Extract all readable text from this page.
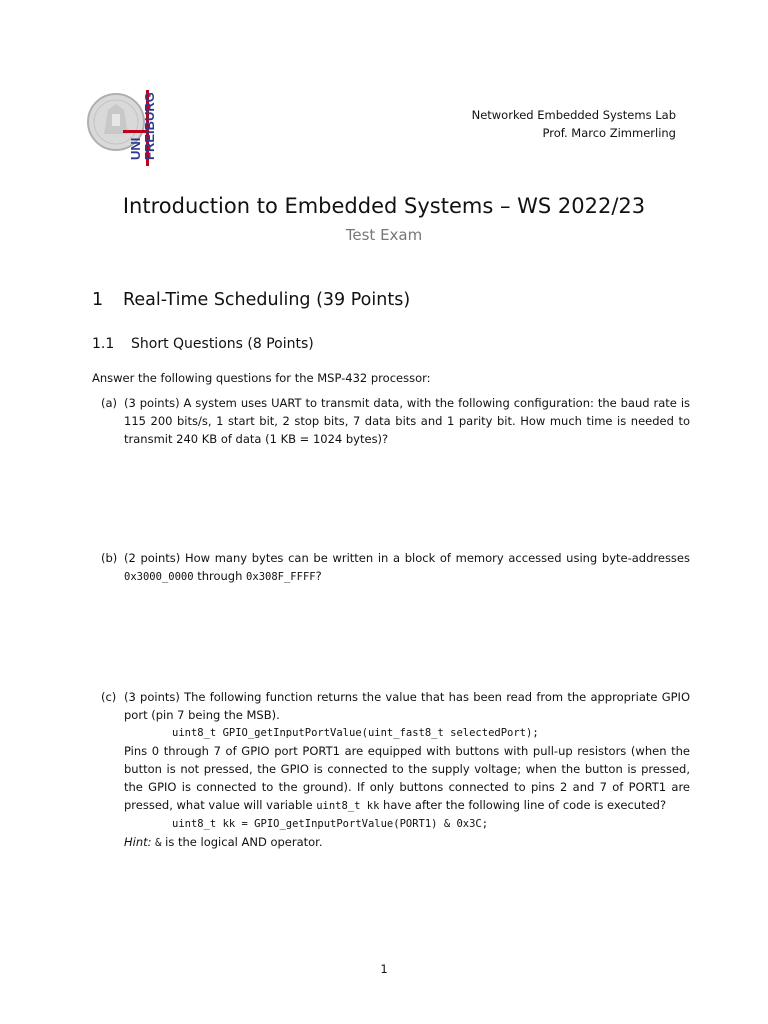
UNI FREIBURG	Networked Embedded Systems Lab
Prof. Marco Zimmerling
Introduction to Embedded Systems – WS 2022/23
Test Exam
1 Real-Time Scheduling (39 Points)
1.1 Short Questions (8 Points)
Answer the following questions for the MSP-432 processor:
(a) (3 points) A system uses UART to transmit data, with the following configuration: the baud rate is 115 200 bits/s, 1 start bit, 2 stop bits, 7 data bits and 1 parity bit. How much time is needed to transmit 240 KB of data (1 KB = 1024 bytes)?
(b) (2 points) How many bytes can be written in a block of memory accessed using byte-addresses 0x3000_0000 through 0x308F_FFFF?
(c) (3 points) The following function returns the value that has been read from the appropriate GPIO port (pin 7 being the MSB).
uint8_t GPIO_getInputPortValue(uint_fast8_t selectedPort);
Pins 0 through 7 of GPIO port PORT1 are equipped with buttons with pull-up resistors (when the button is not pressed, the GPIO is connected to the supply voltage; when the button is pressed, the GPIO is connected to the ground). If only buttons connected to pins 2 and 7 of PORT1 are pressed, what value will variable uint8_t kk have after the following line of code is executed?
uint8_t kk = GPIO_getInputPortValue(PORT1) & 0x3C;
Hint: & is the logical AND operator.
1
